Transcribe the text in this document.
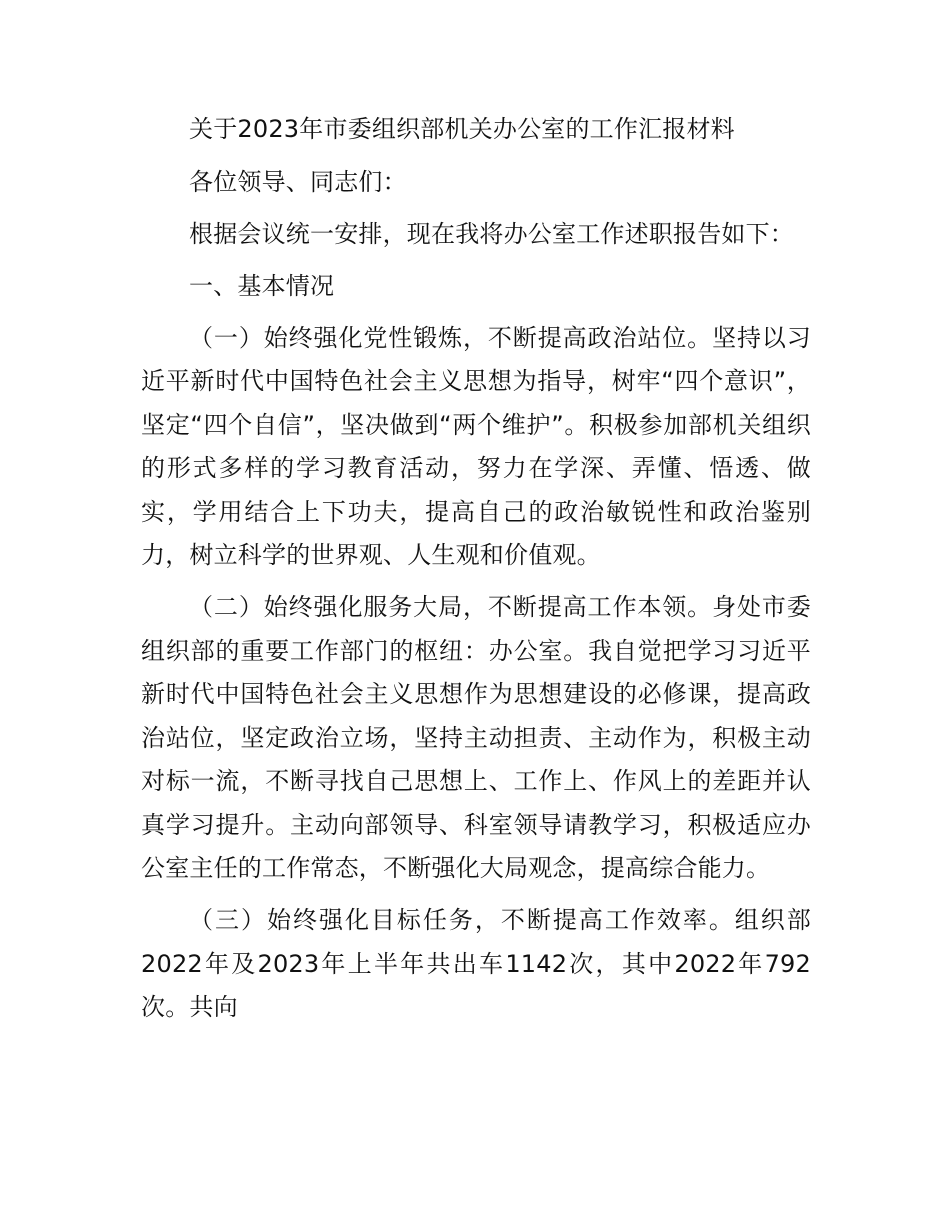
关于2023年市委组织部机关办公室的工作汇报材料

各位领导、同志们：

根据会议统一安排，现在我将办公室工作述职报告如下：

一、基本情况

（一）始终强化党性锻炼，不断提高政治站位。坚持以习近平新时代中国特色社会主义思想为指导，树牢“四个意识”，坚定“四个自信”，坚决做到“两个维护”。积极参加部机关组织的形式多样的学习教育活动，努力在学深、弄懂、悟透、做实，学用结合上下功夫，提高自己的政治敏锐性和政治鉴别力，树立科学的世界观、人生观和价值观。

（二）始终强化服务大局，不断提高工作本领。身处市委组织部的重要工作部门的枢纽：办公室。我自觉把学习习近平新时代中国特色社会主义思想作为思想建设的必修课，提高政治站位，坚定政治立场，坚持主动担责、主动作为，积极主动对标一流，不断寻找自己思想上、工作上、作风上的差距并认真学习提升。主动向部领导、科室领导请教学习，积极适应办公室主任的工作常态，不断强化大局观念，提高综合能力。

（三）始终强化目标任务，不断提高工作效率。组织部2022年及2023年上半年共出车1142次，其中2022年792次。共向
